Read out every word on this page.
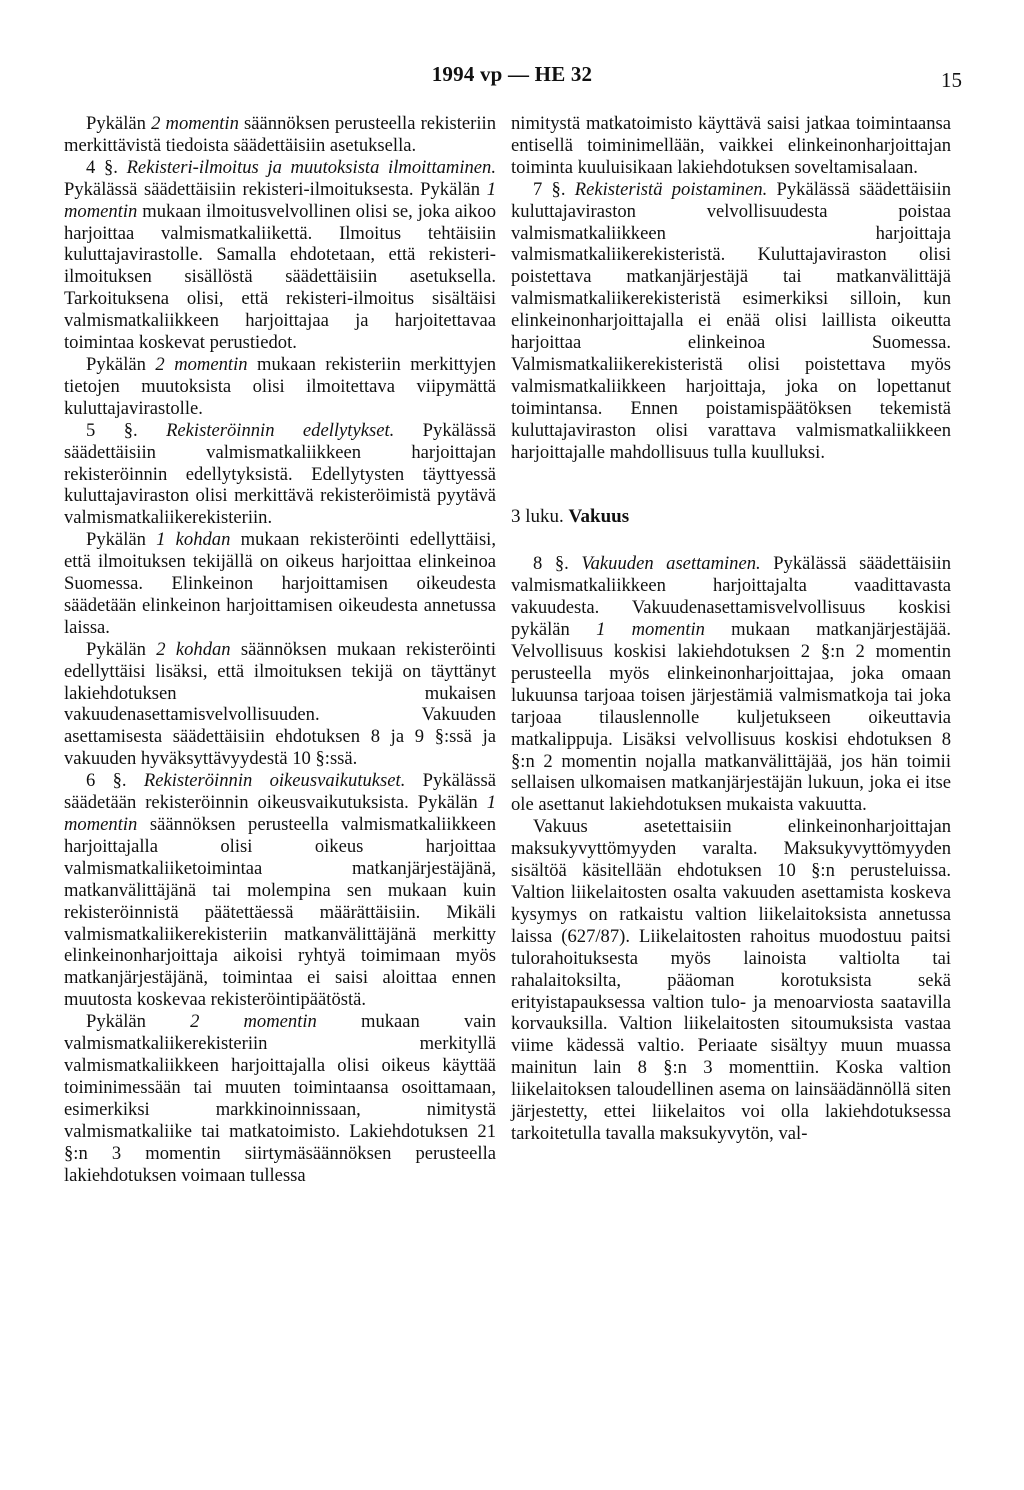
1994 vp — HE 32	15

Pykälän 2 momentin säännöksen perusteella rekisteriin merkittävistä tiedoista säädettäisiin asetuksella.

4 §. Rekisteri-ilmoitus ja muutoksista ilmoittaminen. Pykälässä säädettäisiin rekisteri-ilmoituksesta. Pykälän 1 momentin mukaan ilmoitusvelvollinen olisi se, joka aikoo harjoittaa valmismatkaliikettä. Ilmoitus tehtäisiin kuluttajavirastolle. Samalla ehdotetaan, että rekisteri-ilmoituksen sisällöstä säädettäisiin asetuksella. Tarkoituksena olisi, että rekisteri-ilmoitus sisältäisi valmismatkaliikkeen harjoittajaa ja harjoitettavaa toimintaa koskevat perustiedot.

Pykälän 2 momentin mukaan rekisteriin merkittyjen tietojen muutoksista olisi ilmoitettava viipymättä kuluttajavirastolle.

5 §. Rekisteröinnin edellytykset. Pykälässä säädettäisiin valmismatkaliikkeen harjoittajan rekisteröinnin edellytyksistä. Edellytysten täyttyessä kuluttajaviraston olisi merkittävä rekisteröimistä pyytävä valmismatkaliikerekisteriin.

Pykälän 1 kohdan mukaan rekisteröinti edellyttäisi, että ilmoituksen tekijällä on oikeus harjoittaa elinkeinoa Suomessa. Elinkeinon harjoittamisen oikeudesta säädetään elinkeinon harjoittamisen oikeudesta annetussa laissa.

Pykälän 2 kohdan säännöksen mukaan rekisteröinti edellyttäisi lisäksi, että ilmoituksen tekijä on täyttänyt lakiehdotuksen mukaisen vakuudenasettamisvelvollisuuden. Vakuuden asettamisesta säädettäisiin ehdotuksen 8 ja 9 §:ssä ja vakuuden hyväksyttävyydestä 10 §:ssä.

6 §. Rekisteröinnin oikeusvaikutukset. Pykälässä säädetään rekisteröinnin oikeusvaikutuksista. Pykälän 1 momentin säännöksen perusteella valmismatkaliikkeen harjoittajalla olisi oikeus harjoittaa valmismatkaliiketoimintaa matkanjärjestäjänä, matkanvälittäjänä tai molempina sen mukaan kuin rekisteröinnistä päätettäessä määrättäisiin. Mikäli valmismatkaliikerekisteriin matkanvälittäjänä merkitty elinkeinonharjoittaja aikoisi ryhtyä toimimaan myös matkanjärjestäjänä, toimintaa ei saisi aloittaa ennen muutosta koskevaa rekisteröintipäätöstä.

Pykälän 2 momentin mukaan vain valmismatkaliikerekisteriin merkityllä valmismatkaliikkeen harjoittajalla olisi oikeus käyttää toiminimessään tai muuten toimintaansa osoittamaan, esimerkiksi markkinoinnissaan, nimitystä valmismatkaliike tai matkatoimisto. Lakiehdotuksen 21 §:n 3 momentin siirtymäsäännöksen perusteella lakiehdotuksen voimaan tullessa

nimitystä matkatoimisto käyttävä saisi jatkaa toimintaansa entisellä toiminimellään, vaikkei elinkeinonharjoittajan toiminta kuuluisikaan lakiehdotuksen soveltamisalaan.

7 §. Rekisteristä poistaminen. Pykälässä säädettäisiin kuluttajaviraston velvollisuudesta poistaa valmismatkaliikkeen harjoittaja valmismatkaliikerekisteristä. Kuluttajaviraston olisi poistettava matkanjärjestäjä tai matkanvälittäjä valmismatkaliikerekisteristä esimerkiksi silloin, kun elinkeinonharjoittajalla ei enää olisi laillista oikeutta harjoittaa elinkeinoa Suomessa. Valmismatkaliikerekisteristä olisi poistettava myös valmismatkaliikkeen harjoittaja, joka on lopettanut toimintansa. Ennen poistamispäätöksen tekemistä kuluttajaviraston olisi varattava valmismatkaliikkeen harjoittajalle mahdollisuus tulla kuulluksi.

3 luku. Vakuus

8 §. Vakuuden asettaminen. Pykälässä säädettäisiin valmismatkaliikkeen harjoittajalta vaadittavasta vakuudesta. Vakuudenasettamisvelvollisuus koskisi pykälän 1 momentin mukaan matkanjärjestäjää. Velvollisuus koskisi lakiehdotuksen 2 §:n 2 momentin perusteella myös elinkeinonharjoittajaa, joka omaan lukuunsa tarjoaa toisen järjestämiä valmismatkoja tai joka tarjoaa tilauslennolle kuljetukseen oikeuttavia matkalippuja. Lisäksi velvollisuus koskisi ehdotuksen 8 §:n 2 momentin nojalla matkanvälittäjää, jos hän toimii sellaisen ulkomaisen matkanjärjestäjän lukuun, joka ei itse ole asettanut lakiehdotuksen mukaista vakuutta.

Vakuus asetettaisiin elinkeinonharjoittajan maksukyvyttömyyden varalta. Maksukyvyttömyyden sisältöä käsitellään ehdotuksen 10 §:n perusteluissa. Valtion liikelaitosten osalta vakuuden asettamista koskeva kysymys on ratkaistu valtion liikelaitoksista annetussa laissa (627/87). Liikelaitosten rahoitus muodostuu paitsi tulorahoituksesta myös lainoista valtiolta tai rahalaitoksilta, pääoman korotuksista sekä erityistapauksessa valtion tulo- ja menoarviosta saatavilla korvauksilla. Valtion liikelaitosten sitoumuksista vastaa viime kädessä valtio. Periaate sisältyy muun muassa mainitun lain 8 §:n 3 momenttiin. Koska valtion liikelaitoksen taloudellinen asema on lainsäädännöllä siten järjestetty, ettei liikelaitos voi olla lakiehdotuksessa tarkoitetulla tavalla maksukyvytön, val-
